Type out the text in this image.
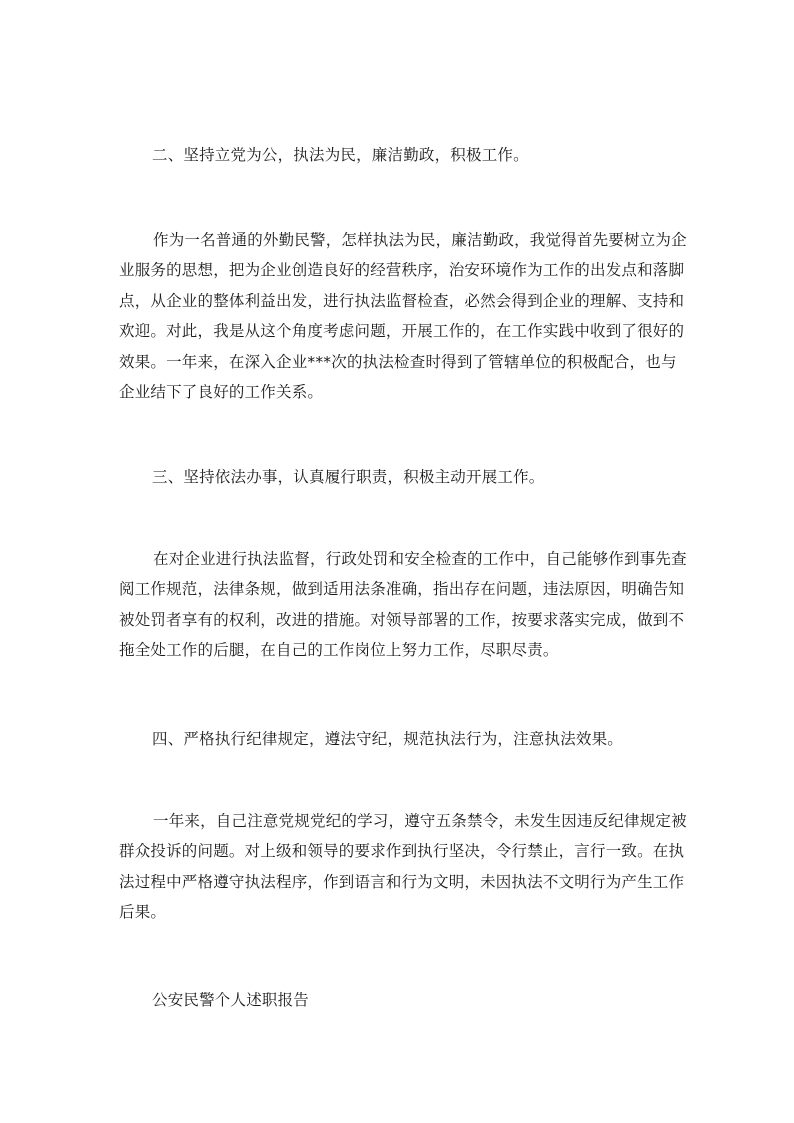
二、坚持立党为公，执法为民，廉洁勤政，积极工作。

作为一名普通的外勤民警，怎样执法为民，廉洁勤政，我觉得首先要树立为企业服务的思想，把为企业创造良好的经营秩序，治安环境作为工作的出发点和落脚点，从企业的整体利益出发，进行执法监督检查，必然会得到企业的理解、支持和欢迎。对此，我是从这个角度考虑问题，开展工作的，在工作实践中收到了很好的效果。一年来，在深入企业***次的执法检查时得到了管辖单位的积极配合，也与企业结下了良好的工作关系。

三、坚持依法办事，认真履行职责，积极主动开展工作。

在对企业进行执法监督，行政处罚和安全检查的工作中，自己能够作到事先查阅工作规范，法律条规，做到适用法条准确，指出存在问题，违法原因，明确告知被处罚者享有的权利，改进的措施。对领导部署的工作，按要求落实完成，做到不拖全处工作的后腿，在自己的工作岗位上努力工作，尽职尽责。

四、严格执行纪律规定，遵法守纪，规范执法行为，注意执法效果。

一年来，自己注意党规党纪的学习，遵守五条禁令，未发生因违反纪律规定被群众投诉的问题。对上级和领导的要求作到执行坚决，令行禁止，言行一致。在执法过程中严格遵守执法程序，作到语言和行为文明，未因执法不文明行为产生工作后果。

公安民警个人述职报告
